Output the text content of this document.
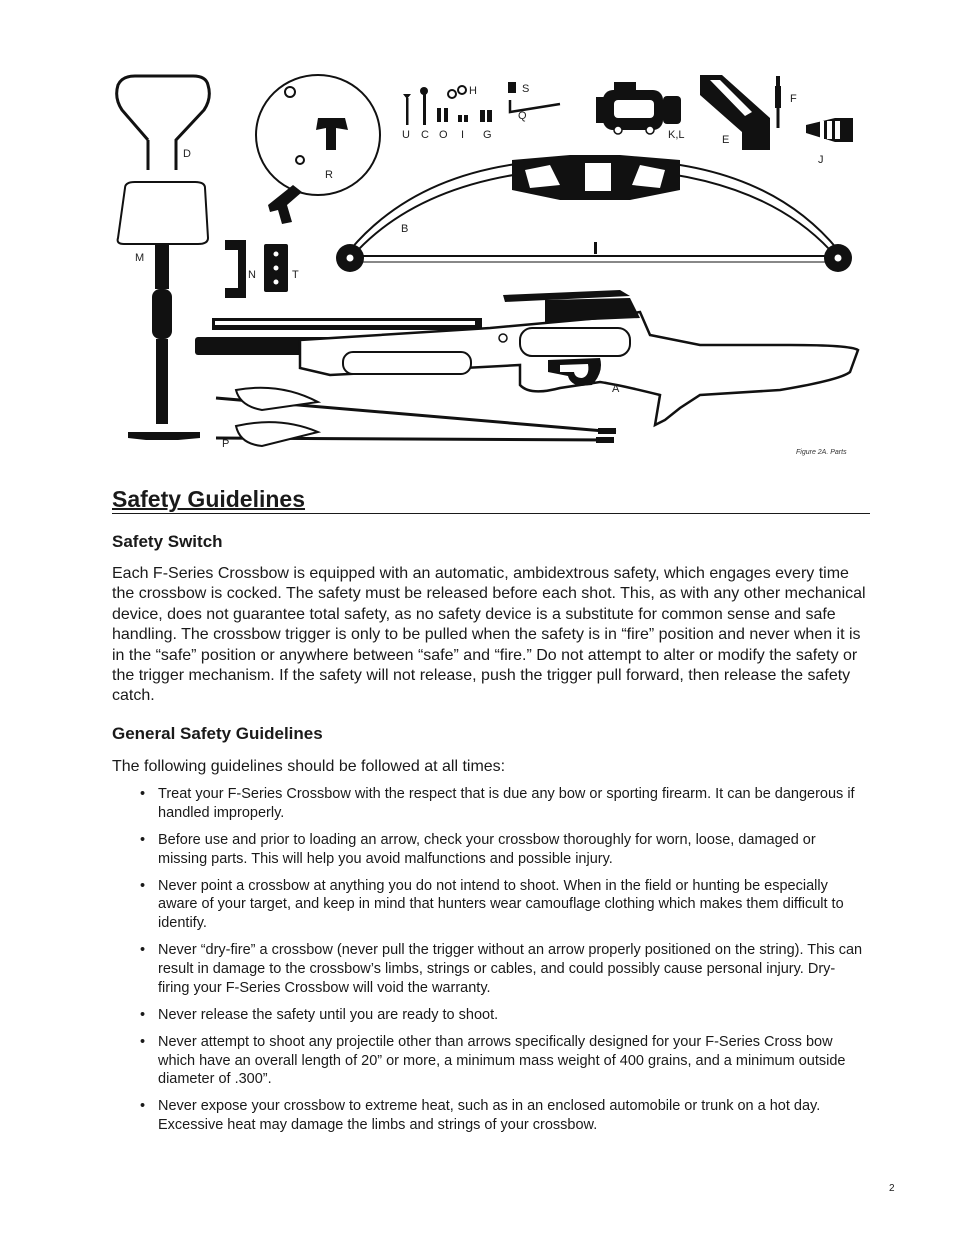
D
M
R
N	T
U C O I G
H	S
Q
K,L	E
F
J
B
A
P
Figure 2A. Parts
Safety Guidelines
Safety Switch

Each F-Series Crossbow is equipped with an automatic, ambidextrous safety, which engages every time the crossbow is cocked. The safety must be released before each shot. This, as with any other mechanical device, does not guarantee total safety, as no safety device is a substitute for common sense and safe handling. The crossbow trigger is only to be pulled when the safety is in “fire” position and never when it is in the “safe” position or anywhere between “safe” and “fire.” Do not attempt to alter or modify the safety or the trigger mechanism. If the safety will not release, push the trigger pull forward, then release the safety catch.

General Safety Guidelines

The following guidelines should be followed at all times:

• Treat your F-Series Crossbow with the respect that is due any bow or sporting firearm. It can be dangerous if handled improperly.
• Before use and prior to loading an arrow, check your crossbow thoroughly for worn, loose, damaged or missing parts. This will help you avoid malfunctions and possible injury.
• Never point a crossbow at anything you do not intend to shoot. When in the field or hunting be especially aware of your target, and keep in mind that hunters wear camouflage clothing which makes them difficult to identify.
• Never “dry-fire” a crossbow (never pull the trigger without an arrow properly positioned on the string). This can result in damage to the crossbow’s limbs, strings or cables, and could possibly cause personal injury. Dry-firing your F-Series Crossbow will void the warranty.
• Never release the safety until you are ready to shoot.
• Never attempt to shoot any projectile other than arrows specifically designed for your F-Series Cross bow which have an overall length of 20” or more, a minimum mass weight of 400 grains, and a minimum outside diameter of .300”.
• Never expose your crossbow to extreme heat, such as in an enclosed automobile or trunk on a hot day. Excessive heat may damage the limbs and strings of your crossbow.
2
